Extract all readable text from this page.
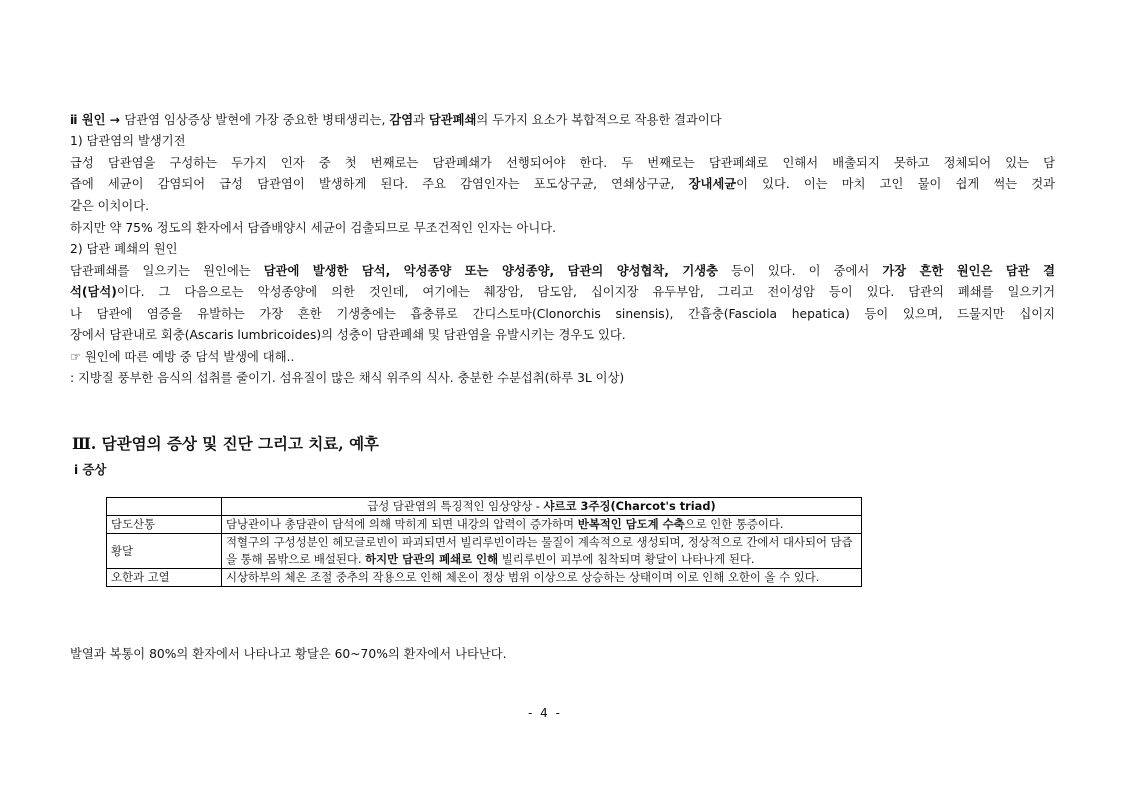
ⅱ 원인 → 담관염 임상증상 발현에 가장 중요한 병태생리는, 감염과 담관폐쇄의 두가지 요소가 복합적으로 작용한 결과이다
1) 담관염의 발생기전
급성 담관염을 구성하는 두가지 인자 중 첫 번째로는 담관폐쇄가 선행되어야 한다. 두 번째로는 담관폐쇄로 인해서 배출되지 못하고 정체되어 있는 담
즙에 세균이 감염되어 급성 담관염이 발생하게 된다. 주요 감염인자는 포도상구균, 연쇄상구균, 장내세균이 있다. 이는 마치 고인 물이 쉽게 썩는 것과
같은 이치이다.
하지만 약 75% 정도의 환자에서 담즙배양시 세균이 검출되므로 무조건적인 인자는 아니다.
2) 담관 폐쇄의 원인
담관폐쇄를 일으키는 원인에는 담관에 발생한 담석, 악성종양 또는 양성종양, 담관의 양성협착, 기생충 등이 있다. 이 중에서 가장 흔한 원인은 담관 결
석(담석)이다. 그 다음으로는 악성종양에 의한 것인데, 여기에는 췌장암, 담도암, 십이지장 유두부암, 그리고 전이성암 등이 있다. 담관의 폐쇄를 일으키거
나 담관에 염증을 유발하는 가장 흔한 기생충에는 흡충류로 간디스토마(Clonorchis sinensis), 간흡충(Fasciola hepatica) 등이 있으며, 드물지만 십이지
장에서 담관내로 회충(Ascaris lumbricoides)의 성충이 담관폐쇄 및 담관염을 유발시키는 경우도 있다.
☞ 원인에 따른 예방 중 담석 발생에 대해..
: 지방질 풍부한 음식의 섭취를 줄이기. 섬유질이 많은 채식 위주의 식사. 충분한 수분섭취(하루 3L 이상)
Ⅲ. 담관염의 증상 및 진단 그리고 치료, 예후
ⅰ 증상
	급성 담관염의 특징적인 임상양상 - 샤르코 3주징(Charcot's triad)
담도산통	담낭관이나 총담관이 담석에 의해 막히게 되면 내강의 압력이 증가하며 반복적인 담도계 수축으로 인한 통증이다.
황달	적혈구의 구성성분인 헤모글로빈이 파괴되면서 빌리루빈이라는 물질이 계속적으로 생성되며, 정상적으로 간에서 대사되어 담즙을 통해 몸밖으로 배설된다. 하지만 담관의 폐쇄로 인해 빌리루빈이 피부에 침착되며 황달이 나타나게 된다.
오한과 고열	시상하부의 체온 조절 중추의 작용으로 인해 체온이 정상 범위 이상으로 상승하는 상태이며 이로 인해 오한이 올 수 있다.
발열과 복통이 80%의 환자에서 나타나고 황달은 60~70%의 환자에서 나타난다.
- 4 -
